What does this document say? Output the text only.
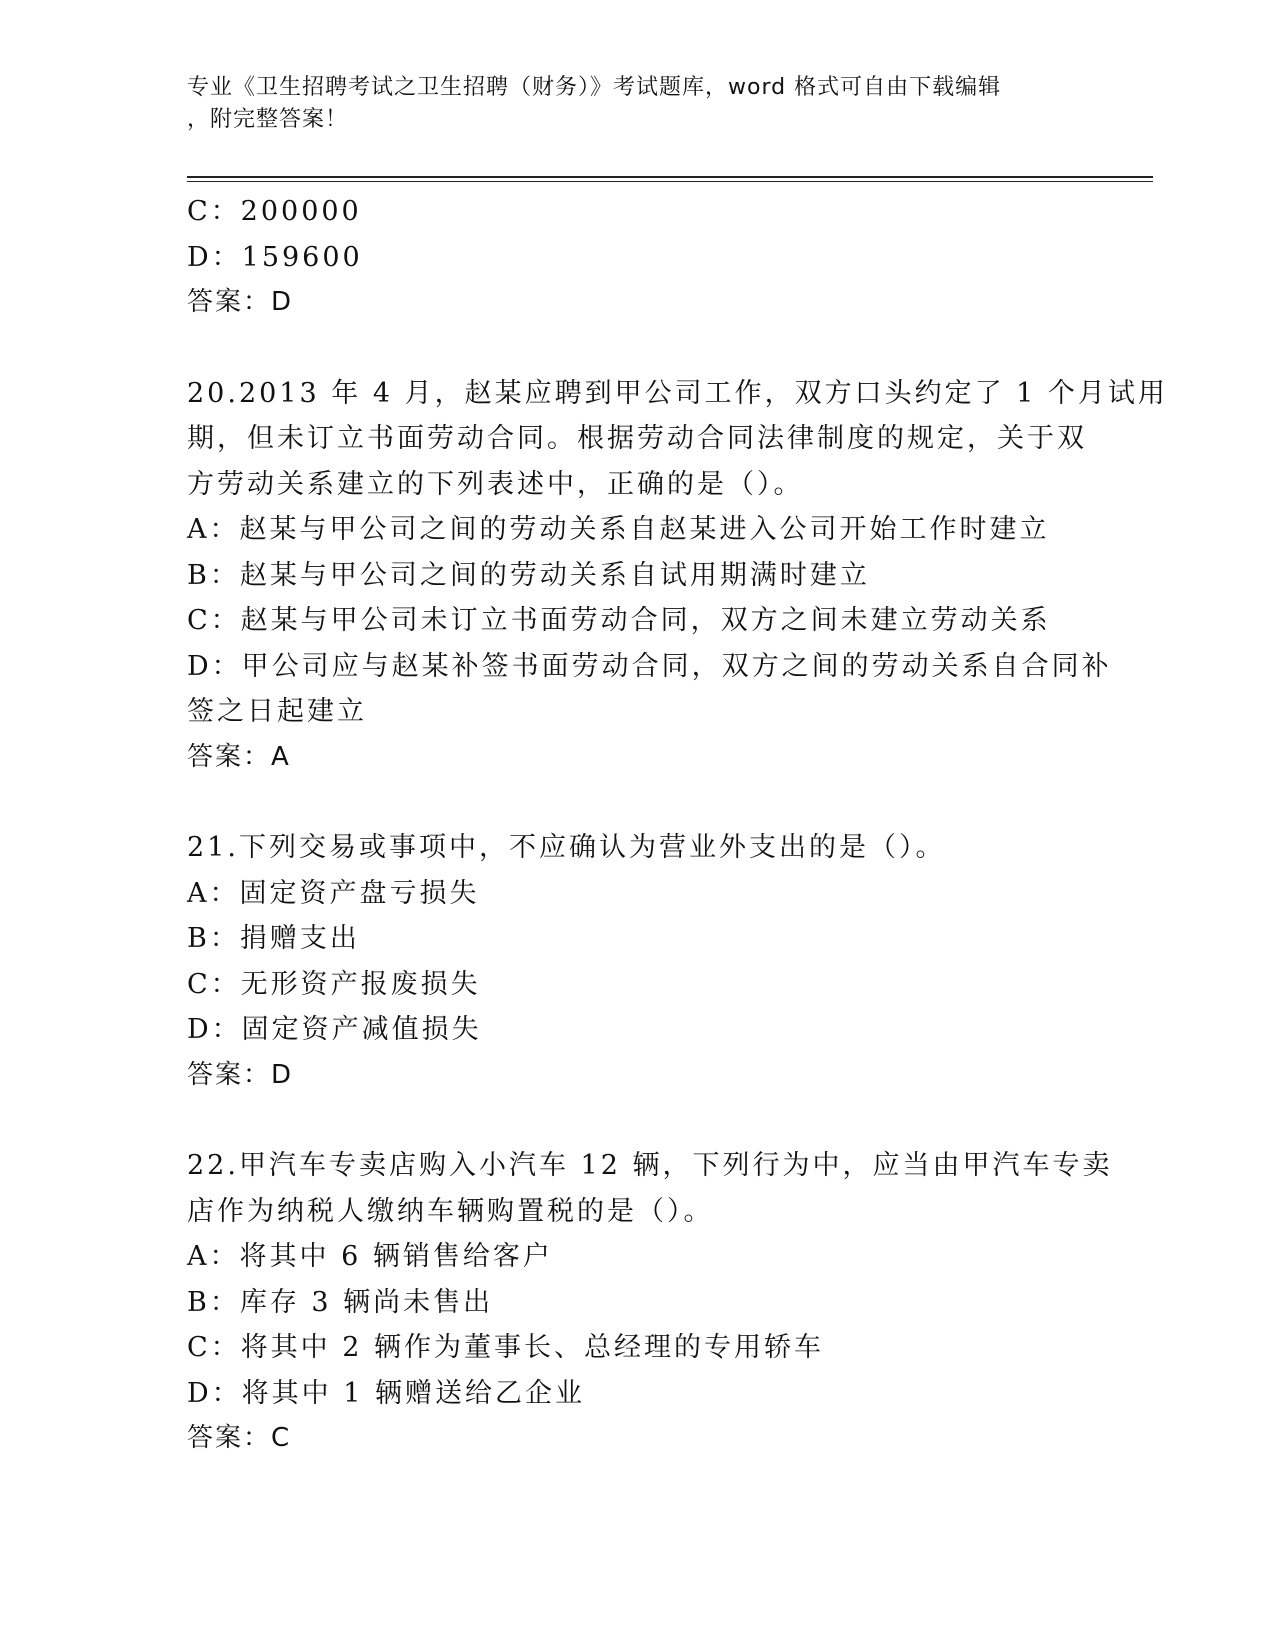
专业《卫生招聘考试之卫生招聘（财务）》考试题库，word 格式可自由下载编辑
，附完整答案！
C：200000
D：159600
答案：D
20.2013 年 4 月，赵某应聘到甲公司工作，双方口头约定了 1 个月试用
期，但未订立书面劳动合同。根据劳动合同法律制度的规定，关于双
方劳动关系建立的下列表述中，正确的是（）。
A：赵某与甲公司之间的劳动关系自赵某进入公司开始工作时建立
B：赵某与甲公司之间的劳动关系自试用期满时建立
C：赵某与甲公司未订立书面劳动合同，双方之间未建立劳动关系
D：甲公司应与赵某补签书面劳动合同，双方之间的劳动关系自合同补
签之日起建立
答案：A
21.下列交易或事项中，不应确认为营业外支出的是（）。
A：固定资产盘亏损失
B：捐赠支出
C：无形资产报废损失
D：固定资产减值损失
答案：D
22.甲汽车专卖店购入小汽车 12 辆，下列行为中，应当由甲汽车专卖
店作为纳税人缴纳车辆购置税的是（）。
A：将其中 6 辆销售给客户
B：库存 3 辆尚未售出
C：将其中 2 辆作为董事长、总经理的专用轿车
D：将其中 1 辆赠送给乙企业
答案：C
